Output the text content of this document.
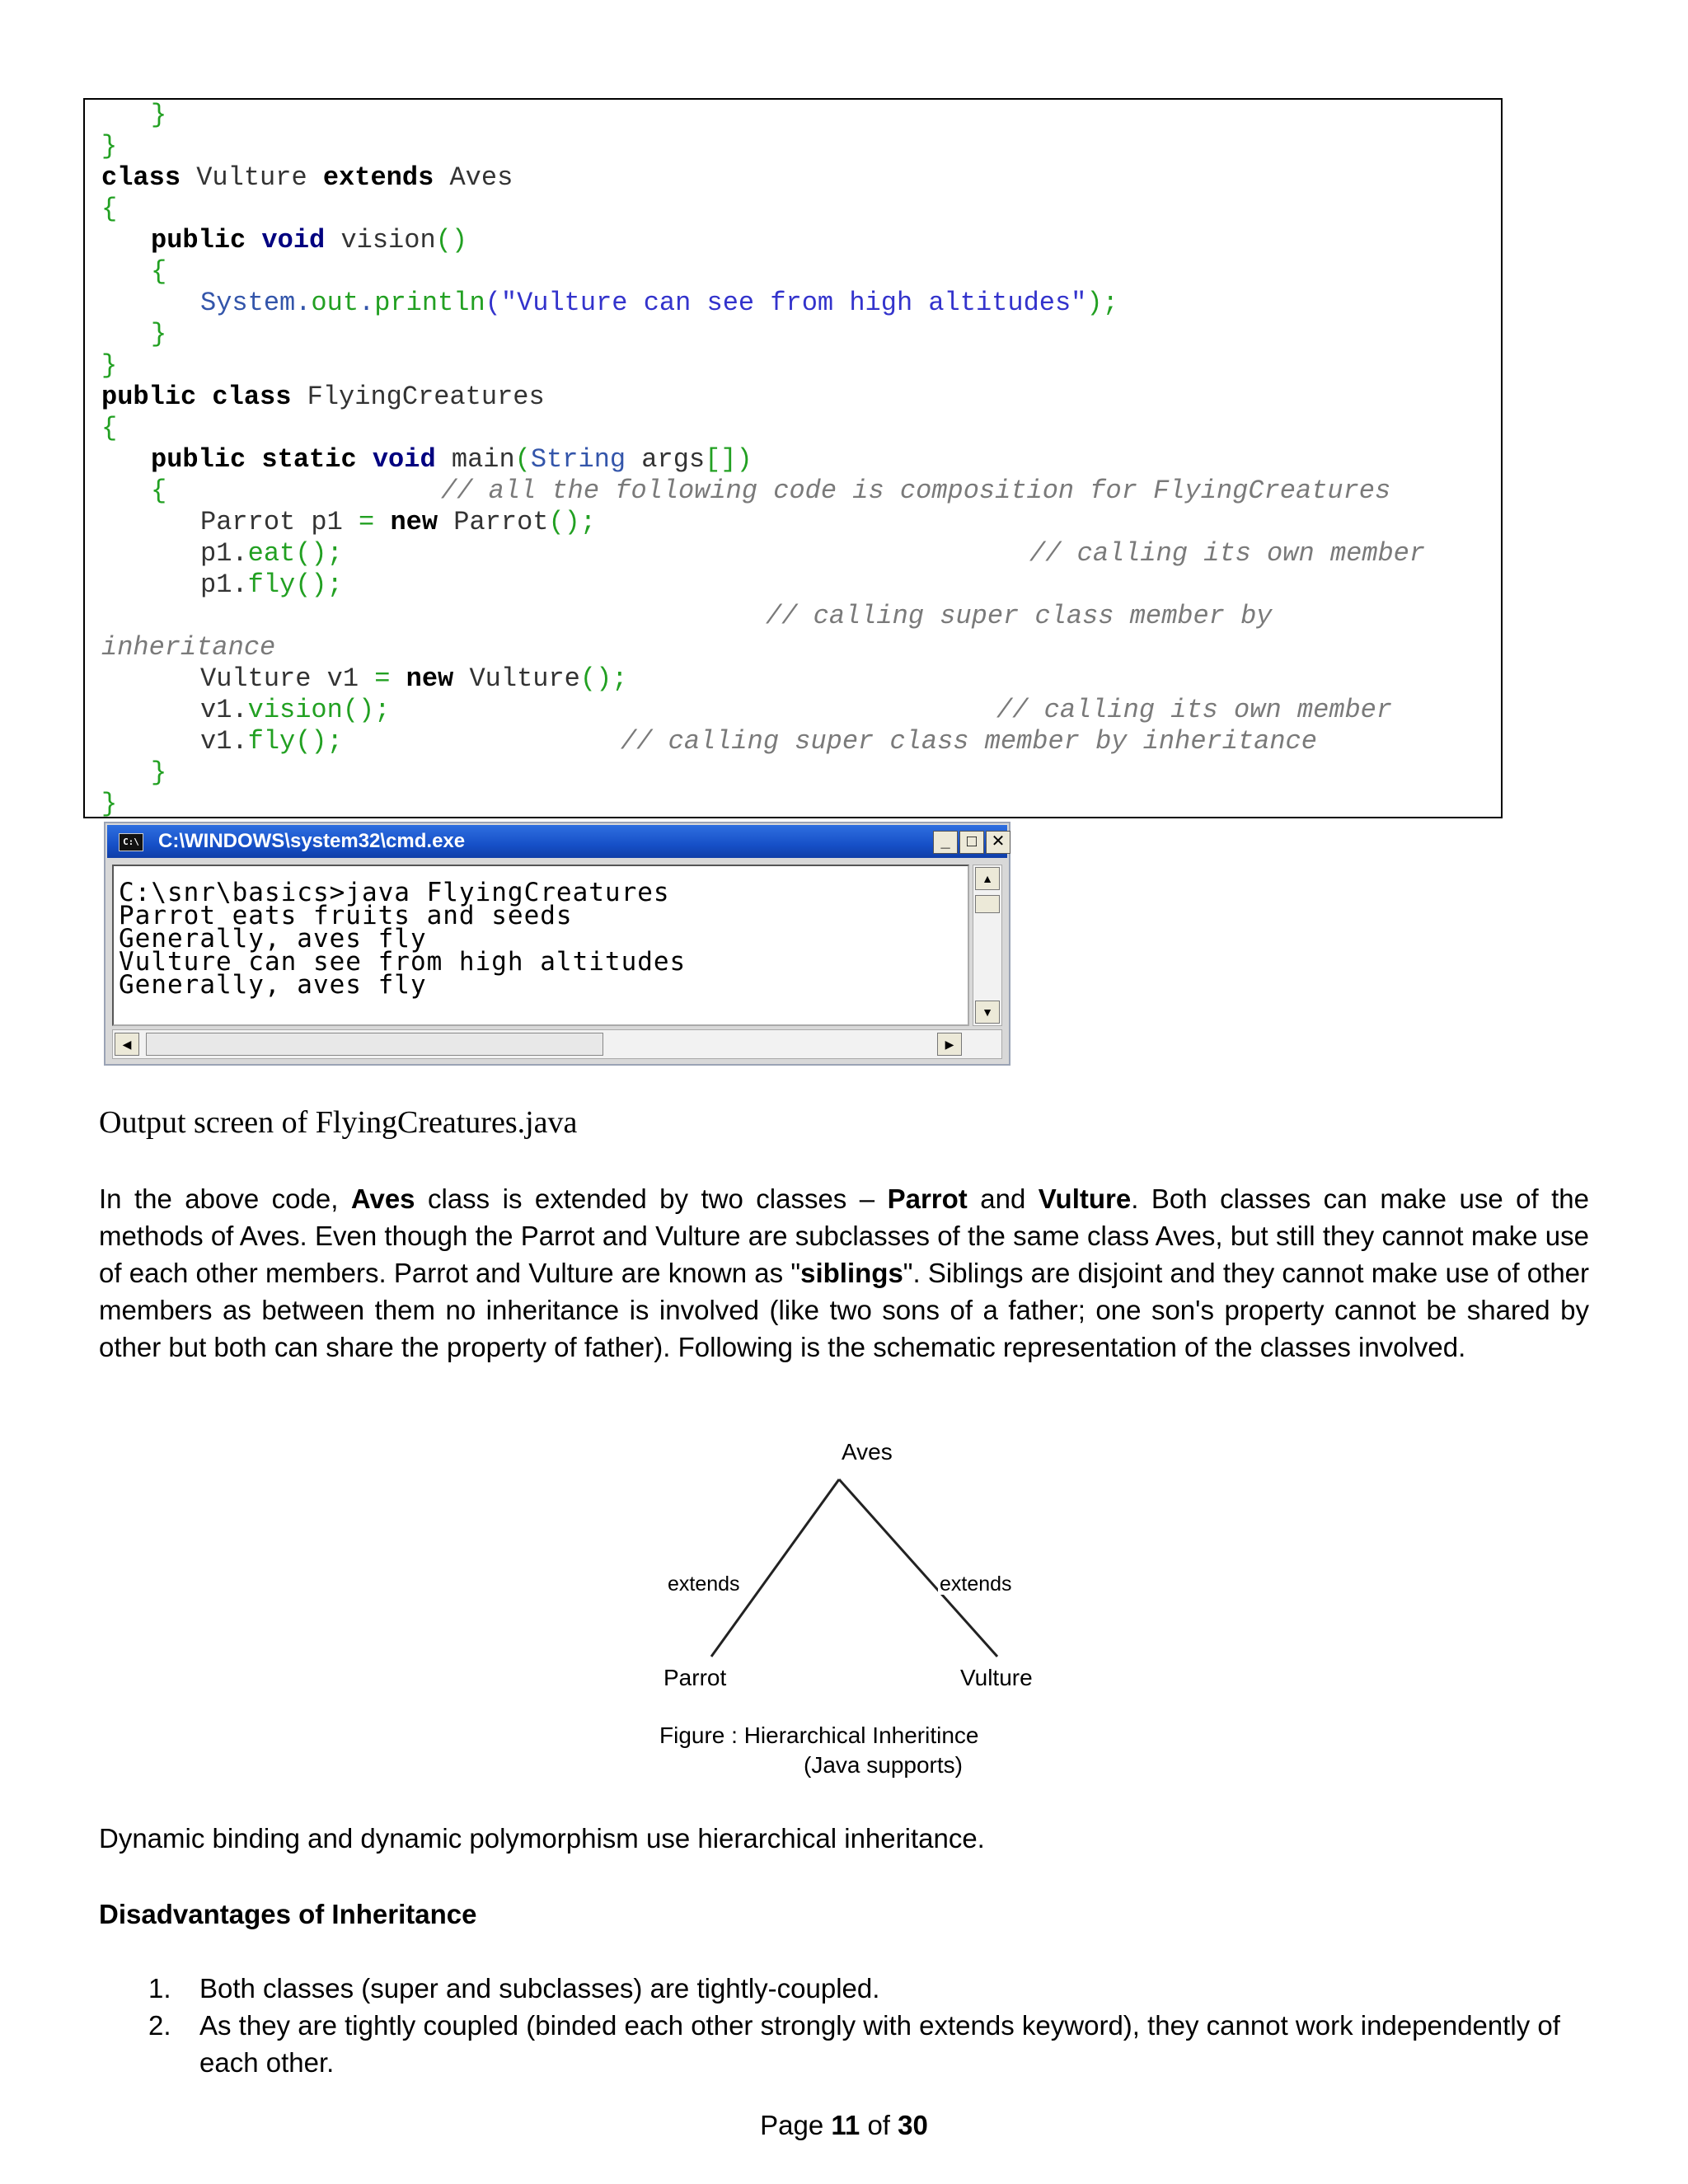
}
}
class Vulture extends Aves
{
public void vision()
{
System.out.println("Vulture can see from high altitudes");
}
}
public class FlyingCreatures
{
public static void main(String args[])
{	// all the following code is composition for FlyingCreatures
Parrot p1 = new Parrot();
p1.eat();	// calling its own member
p1.fly();
// calling super class member by
inheritance
Vulture v1 = new Vulture();
v1.vision();	// calling its own member
v1.fly();	// calling super class member by inheritance
}
}
C:\ C:\WINDOWS\system32\cmd.exe	_	□ ✕
C:\snr\basics>java FlyingCreatures
Parrot eats fruits and seeds
Generally, aves fly
Vulture can see from high altitudes
Generally, aves fly
▲
▼
◀	▶
Output screen of FlyingCreatures.java
In the above code, Aves class is extended by two classes – Parrot and Vulture. Both classes can make use of the methods of Aves. Even though the Parrot and Vulture are subclasses of the same class Aves, but still they cannot make use of each other members. Parrot and Vulture are known as "siblings". Siblings are disjoint and they cannot make use of other members as between them no inheritance is involved (like two sons of a father; one son's property cannot be shared by other but both can share the property of father). Following is the schematic representation of the classes involved.
Aves
extends	extends
Parrot	Vulture
Figure : Hierarchical Inheritince
(Java supports)
Dynamic binding and dynamic polymorphism use hierarchical inheritance.
Disadvantages of Inheritance
1. Both classes (super and subclasses) are tightly-coupled.
2. As they are tightly coupled (binded each other strongly with extends keyword), they cannot work independently of each other.
Page 11 of 30
